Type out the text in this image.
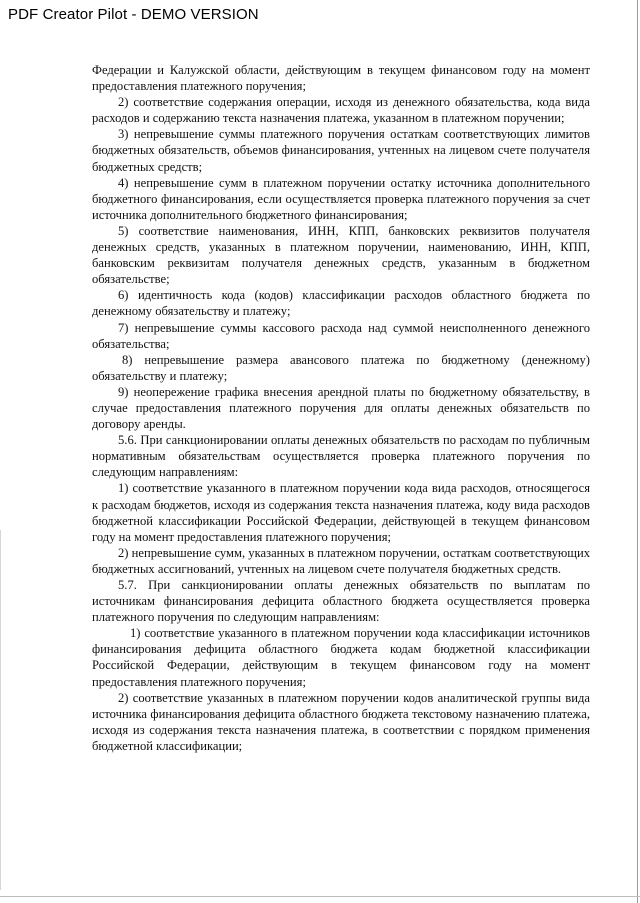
PDF Creator Pilot - DEMO VERSION

Федерации и Калужской области, действующим в текущем финансовом году на момент предоставления платежного поручения;

2) соответствие содержания операции, исходя из денежного обязательства, кода вида расходов и содержанию текста назначения платежа, указанном в платежном поручении;

3) непревышение суммы платежного поручения остаткам соответствующих лимитов бюджетных обязательств, объемов финансирования, учтенных на лицевом счете получателя бюджетных средств;

4) непревышение сумм в платежном поручении остатку источника дополнительного бюджетного финансирования, если осуществляется проверка платежного поручения за счет источника дополнительного бюджетного финансирования;

5) соответствие наименования, ИНН, КПП, банковских реквизитов получателя денежных средств, указанных в платежном поручении, наименованию, ИНН, КПП, банковским реквизитам получателя денежных средств, указанным в бюджетном обязательстве;

6) идентичность кода (кодов) классификации расходов областного бюджета по денежному обязательству и платежу;

7) непревышение суммы кассового расхода над суммой неисполненного денежного обязательства;

8) непревышение размера авансового платежа по бюджетному (денежному) обязательству и платежу;

9) неопережение графика внесения арендной платы по бюджетному обязательству, в случае предоставления платежного поручения для оплаты денежных обязательств по договору аренды.

5.6. При санкционировании оплаты денежных обязательств по расходам по публичным нормативным обязательствам осуществляется проверка платежного поручения по следующим направлениям:

1) соответствие указанного в платежном поручении кода вида расходов, относящегося к расходам бюджетов, исходя из содержания текста назначения платежа, коду вида расходов бюджетной классификации Российской Федерации, действующей в текущем финансовом году на момент предоставления платежного поручения;

2) непревышение сумм, указанных в платежном поручении, остаткам соответствующих бюджетных ассигнований, учтенных на лицевом счете получателя бюджетных средств.

5.7. При санкционировании оплаты денежных обязательств по выплатам по источникам финансирования дефицита областного бюджета осуществляется проверка платежного поручения по следующим направлениям:

1) соответствие указанного в платежном поручении кода классификации источников финансирования дефицита областного бюджета кодам бюджетной классификации Российской Федерации, действующим в текущем финансовом году на момент предоставления платежного поручения;

2) соответствие указанных в платежном поручении кодов аналитической группы вида источника финансирования дефицита областного бюджета текстовому назначению платежа, исходя из содержания текста назначения платежа, в соответствии с порядком применения бюджетной классификации;
